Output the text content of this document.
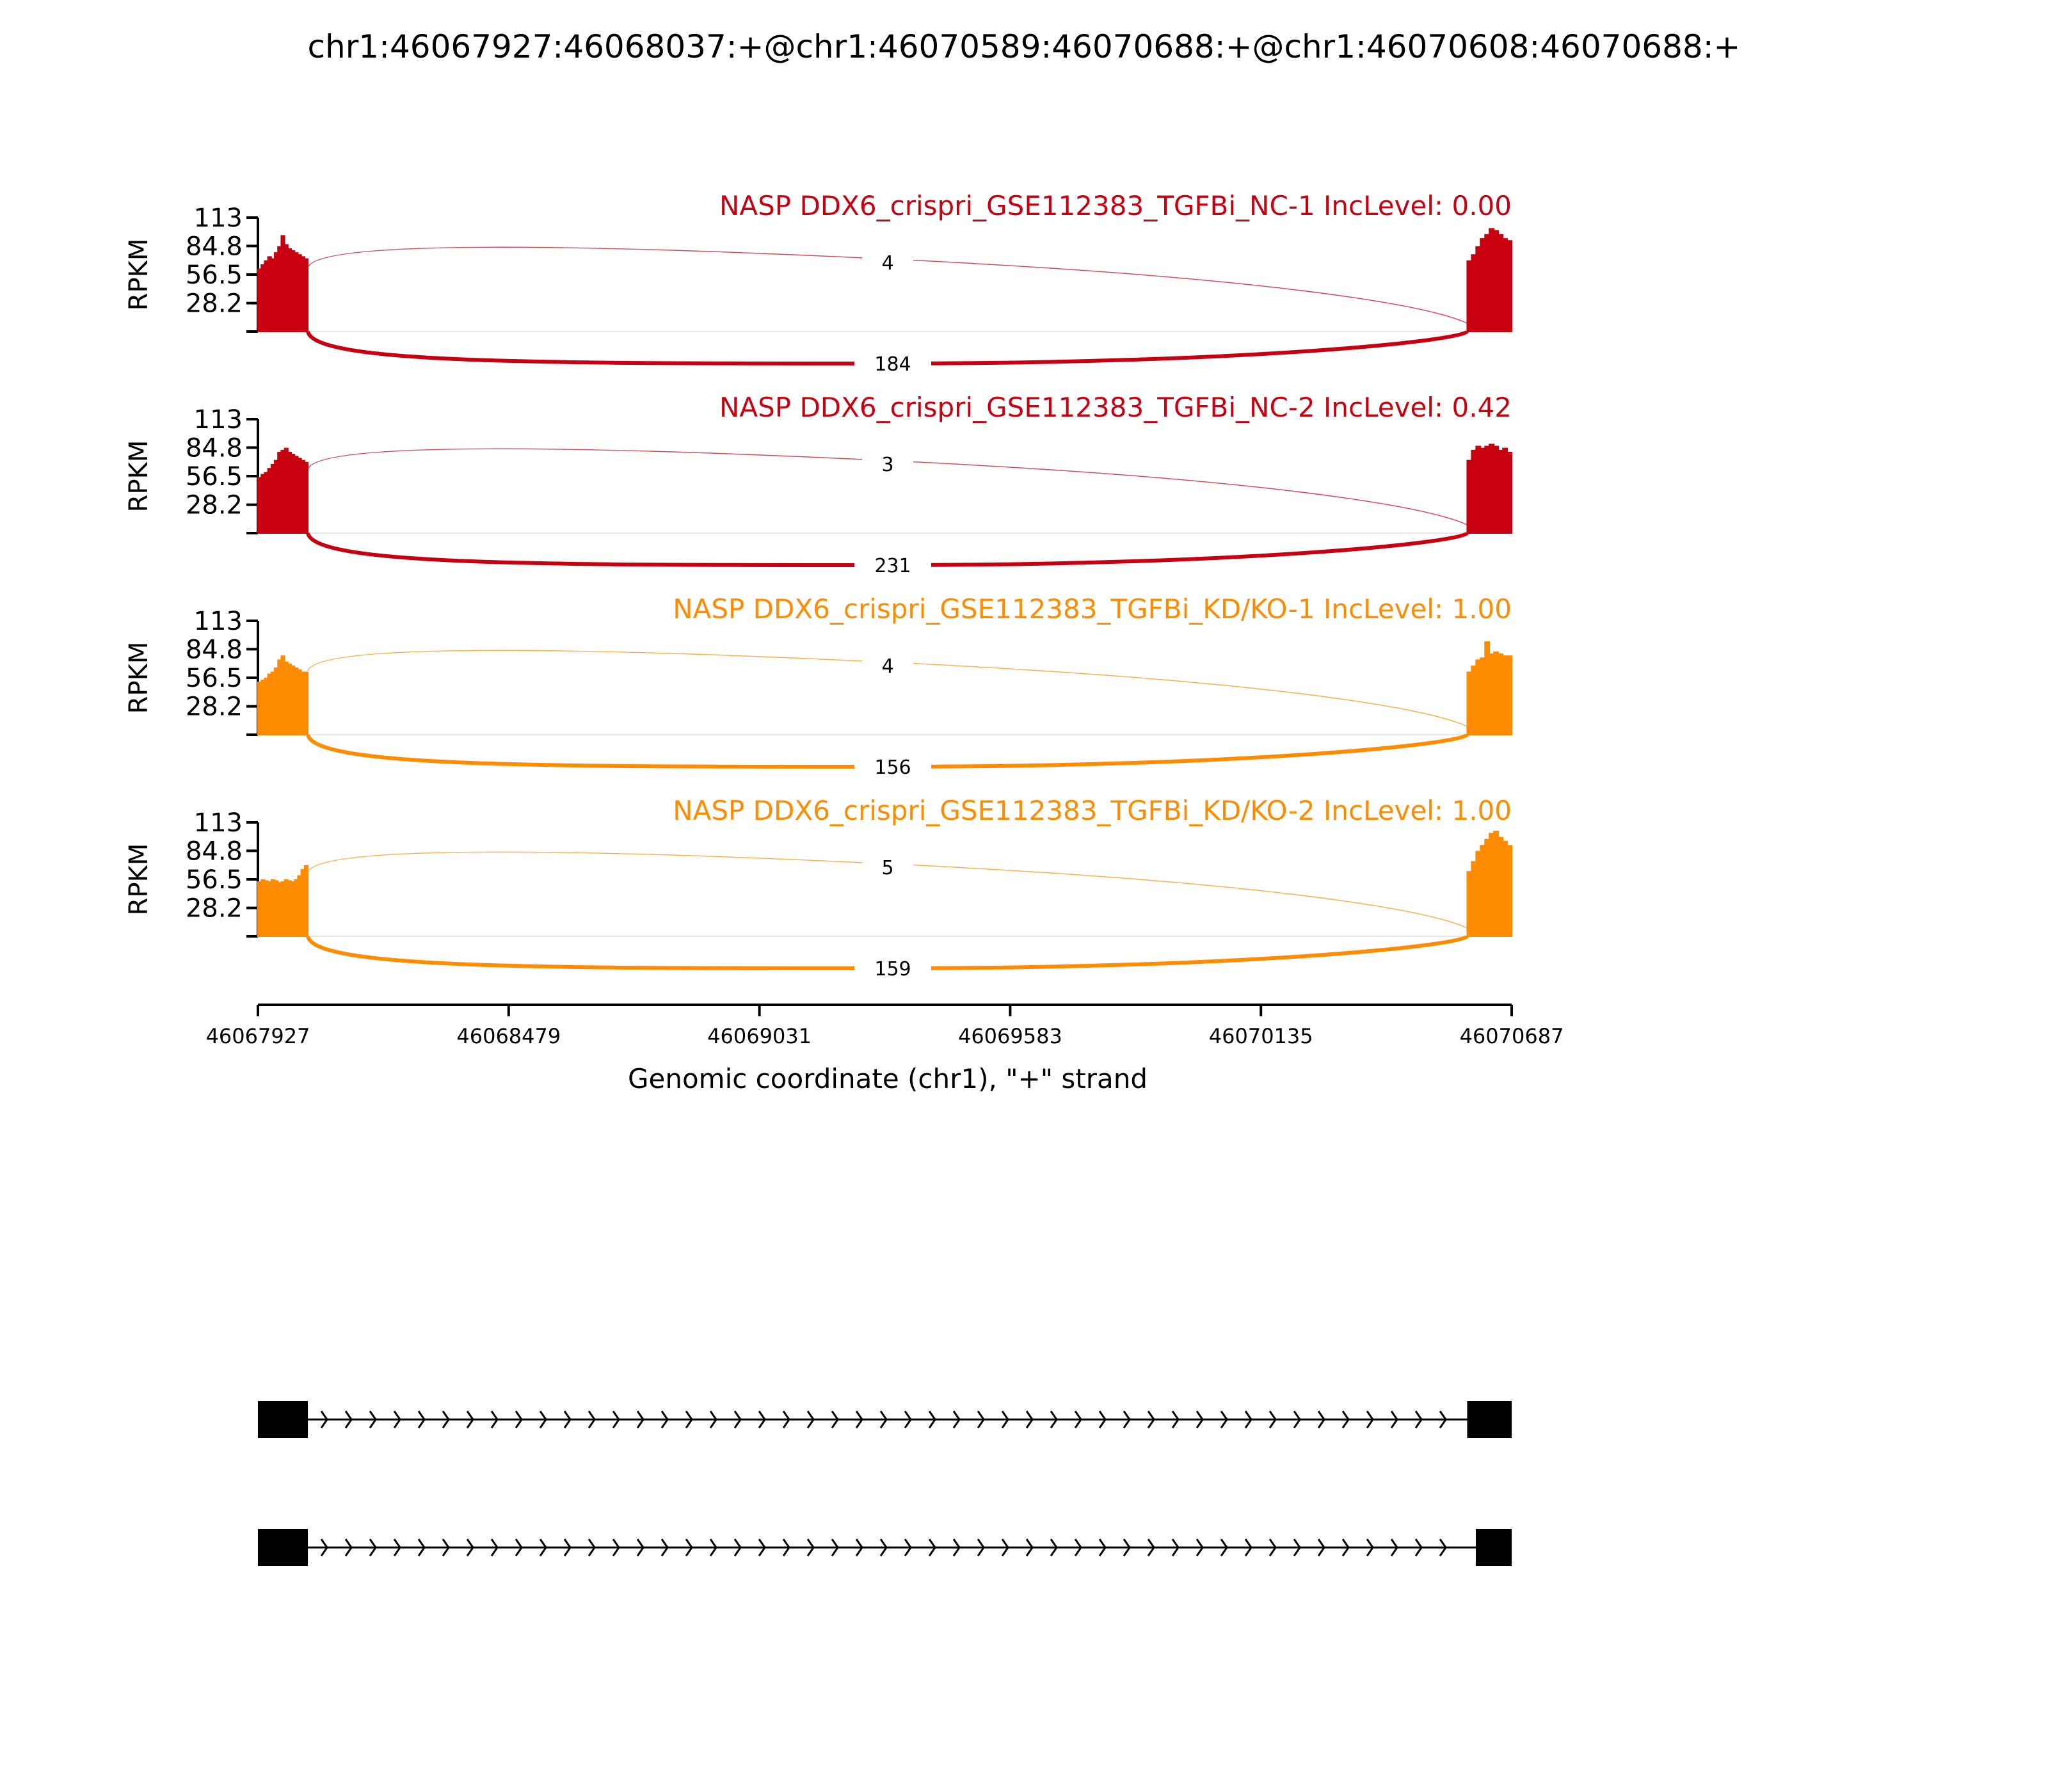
chr1:46067927:46068037:+@chr1:46070589:46070688:+@chr1:46070608:46070688:+
113
84.8
56.5
28.2
RPKM	4
184
NASP DDX6_crispri_GSE112383_TGFBi_NC-1 IncLevel: 0.00
113
84.8
56.5
28.2
RPKM	3
231
NASP DDX6_crispri_GSE112383_TGFBi_NC-2 IncLevel: 0.42
113
84.8
56.5
28.2
RPKM	4
156
NASP DDX6_crispri_GSE112383_TGFBi_KD/KO-1 IncLevel: 1.00
113
84.8
56.5
28.2
RPKM	5
159
NASP DDX6_crispri_GSE112383_TGFBi_KD/KO-2 IncLevel: 1.00
46067927	46068479	46069031	46069583	46070135	46070687
Genomic coordinate (chr1), "+" strand
